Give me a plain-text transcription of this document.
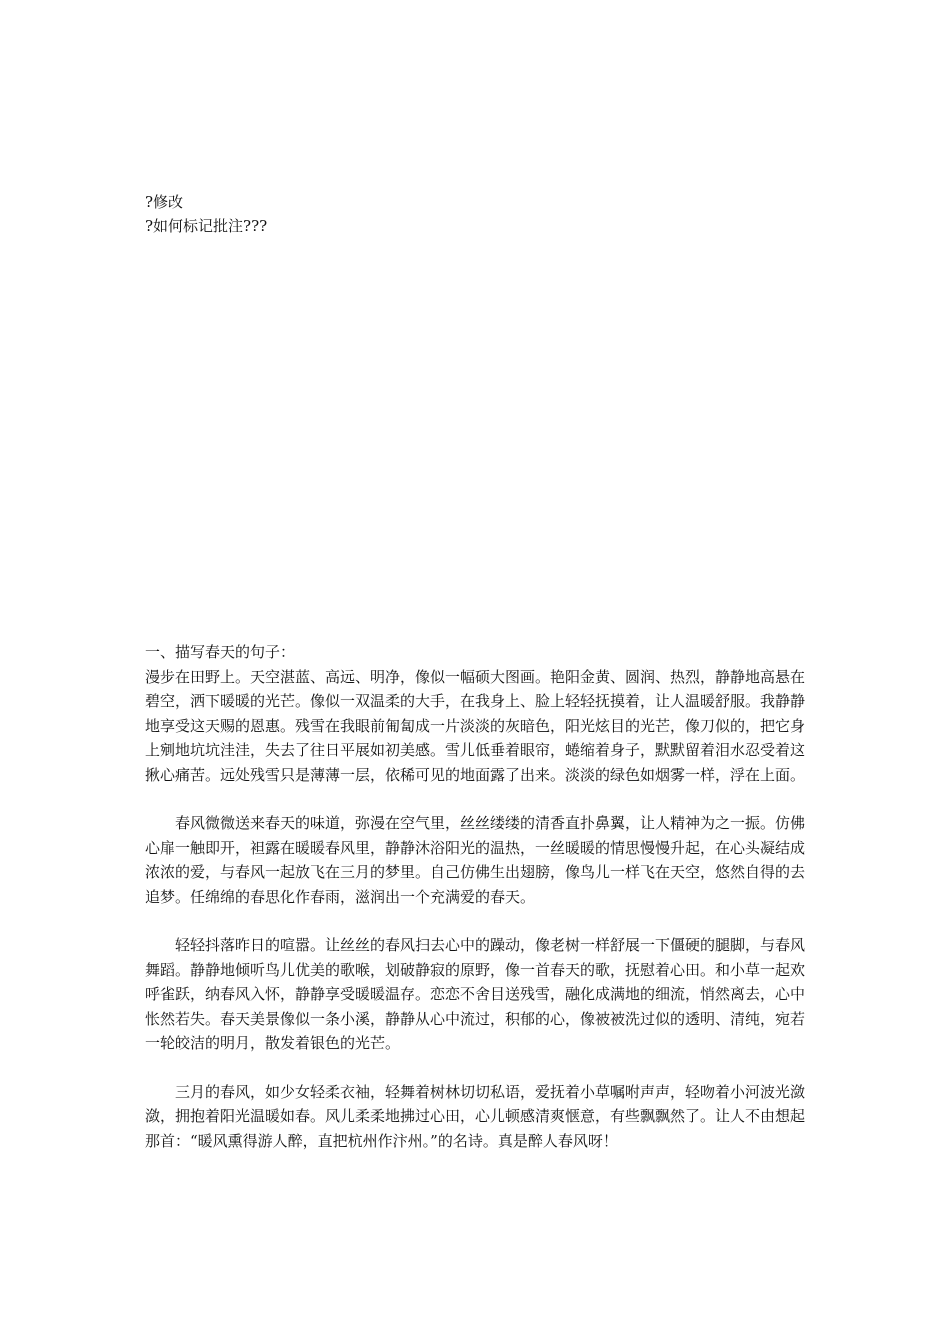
?修改
?如何标记批注???
一、描写春天的句子：

漫步在田野上。天空湛蓝、高远、明净，像似一幅硕大图画。艳阳金黄、圆润、热烈，静静地高悬在碧空，洒下暖暖的光芒。像似一双温柔的大手，在我身上、脸上轻轻抚摸着，让人温暖舒服。我静静地享受这天赐的恩惠。残雪在我眼前匍匐成一片淡淡的灰暗色，阳光炫目的光芒，像刀似的，把它身上剜地坑坑洼洼，失去了往日平展如初美感。雪儿低垂着眼帘，蜷缩着身子，默默留着泪水忍受着这揪心痛苦。远处残雪只是薄薄一层，依稀可见的地面露了出来。淡淡的绿色如烟雾一样，浮在上面。

春风微微送来春天的味道，弥漫在空气里，丝丝缕缕的清香直扑鼻翼，让人精神为之一振。仿佛心扉一触即开，袒露在暖暖春风里，静静沐浴阳光的温热，一丝暖暖的情思慢慢升起，在心头凝结成浓浓的爱，与春风一起放飞在三月的梦里。自己仿佛生出翅膀，像鸟儿一样飞在天空，悠然自得的去追梦。任绵绵的春思化作春雨，滋润出一个充满爱的春天。

轻轻抖落昨日的喧嚣。让丝丝的春风扫去心中的躁动，像老树一样舒展一下僵硬的腿脚，与春风舞蹈。静静地倾听鸟儿优美的歌喉，划破静寂的原野，像一首春天的歌，抚慰着心田。和小草一起欢呼雀跃，纳春风入怀，静静享受暖暖温存。恋恋不舍目送残雪，融化成满地的细流，悄然离去，心中怅然若失。春天美景像似一条小溪，静静从心中流过，积郁的心，像被被洗过似的透明、清纯，宛若一轮皎洁的明月，散发着银色的光芒。

三月的春风，如少女轻柔衣袖，轻舞着树林切切私语，爱抚着小草嘱咐声声，轻吻着小河波光潋潋，拥抱着阳光温暖如春。风儿柔柔地拂过心田，心儿顿感清爽惬意，有些飘飘然了。让人不由想起那首：“暖风熏得游人醉，直把杭州作汴州。”的名诗。真是醉人春风呀！
